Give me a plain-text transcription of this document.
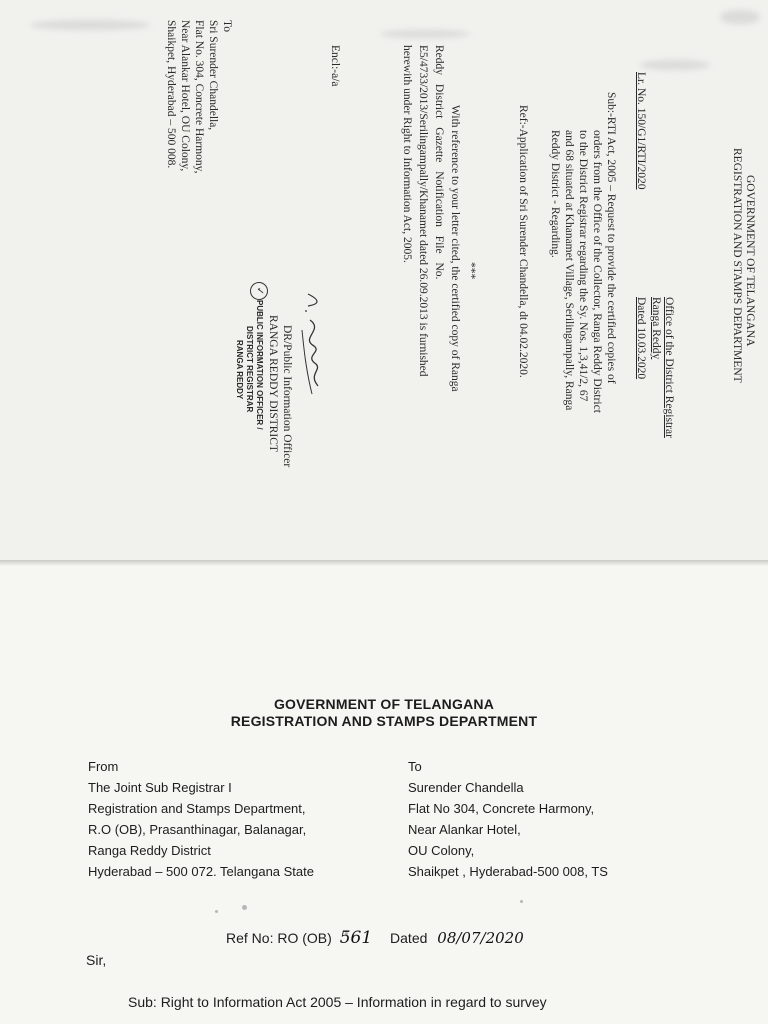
GOVERNMENT OF TELANGANA
REGISTRATION AND STAMPS DEPARTMENT
Office of the District Registrar
Ranga Reddy
Lr. No. 150/G1/RTI/2020
Dated 10.03.2020
Sub:-RTI Act, 2005 – Request to provide the certified copies of
orders from the Office of the Collector, Ranga Reddy District
to the District Registrar regarding the Sy. Nos. 1,3,41/2, 67
and 68 situated at Khanamet Village, Serilingampally, Ranga
Reddy District - Regarding.
Ref:-Application of Sri Surender Chandella, dt 04.02.2020.
***
With reference to your letter cited, the certified copy of Ranga
Reddy District Gazette Notification File No.
E5/4733/2013/Serilingampally/Khanamet dated 26.09.2013 is furnished
herewith under Right to Information Act, 2005.
Encl:-a/a
DR/Public Information Officer
RANGA REDDY DISTRICT
✓
PUBLIC INFORMATION OFFICER /
DISTRICT REGISTRAR
RANGA REDDY
To
Sri Surender Chandella,
Flat No. 304, Concrete Harmony,
Near Alankar Hotel, OU Colony,
Shaikpet, Hyderabad – 500 008.
GOVERNMENT OF TELANGANA
REGISTRATION AND STAMPS DEPARTMENT
From
The Joint Sub Registrar I
Registration and Stamps Department,
R.O (OB), Prasanthinagar, Balanagar,
Ranga Reddy District
Hyderabad – 500 072. Telangana State
To
Surender Chandella
Flat No 304, Concrete Harmony,
Near Alankar Hotel,
OU Colony,
Shaikpet , Hyderabad-500 008, TS
Ref No: RO (OB) 561 Dated 08/07/2020
Sir,
Sub: Right to Information Act 2005 – Information in regard to survey
